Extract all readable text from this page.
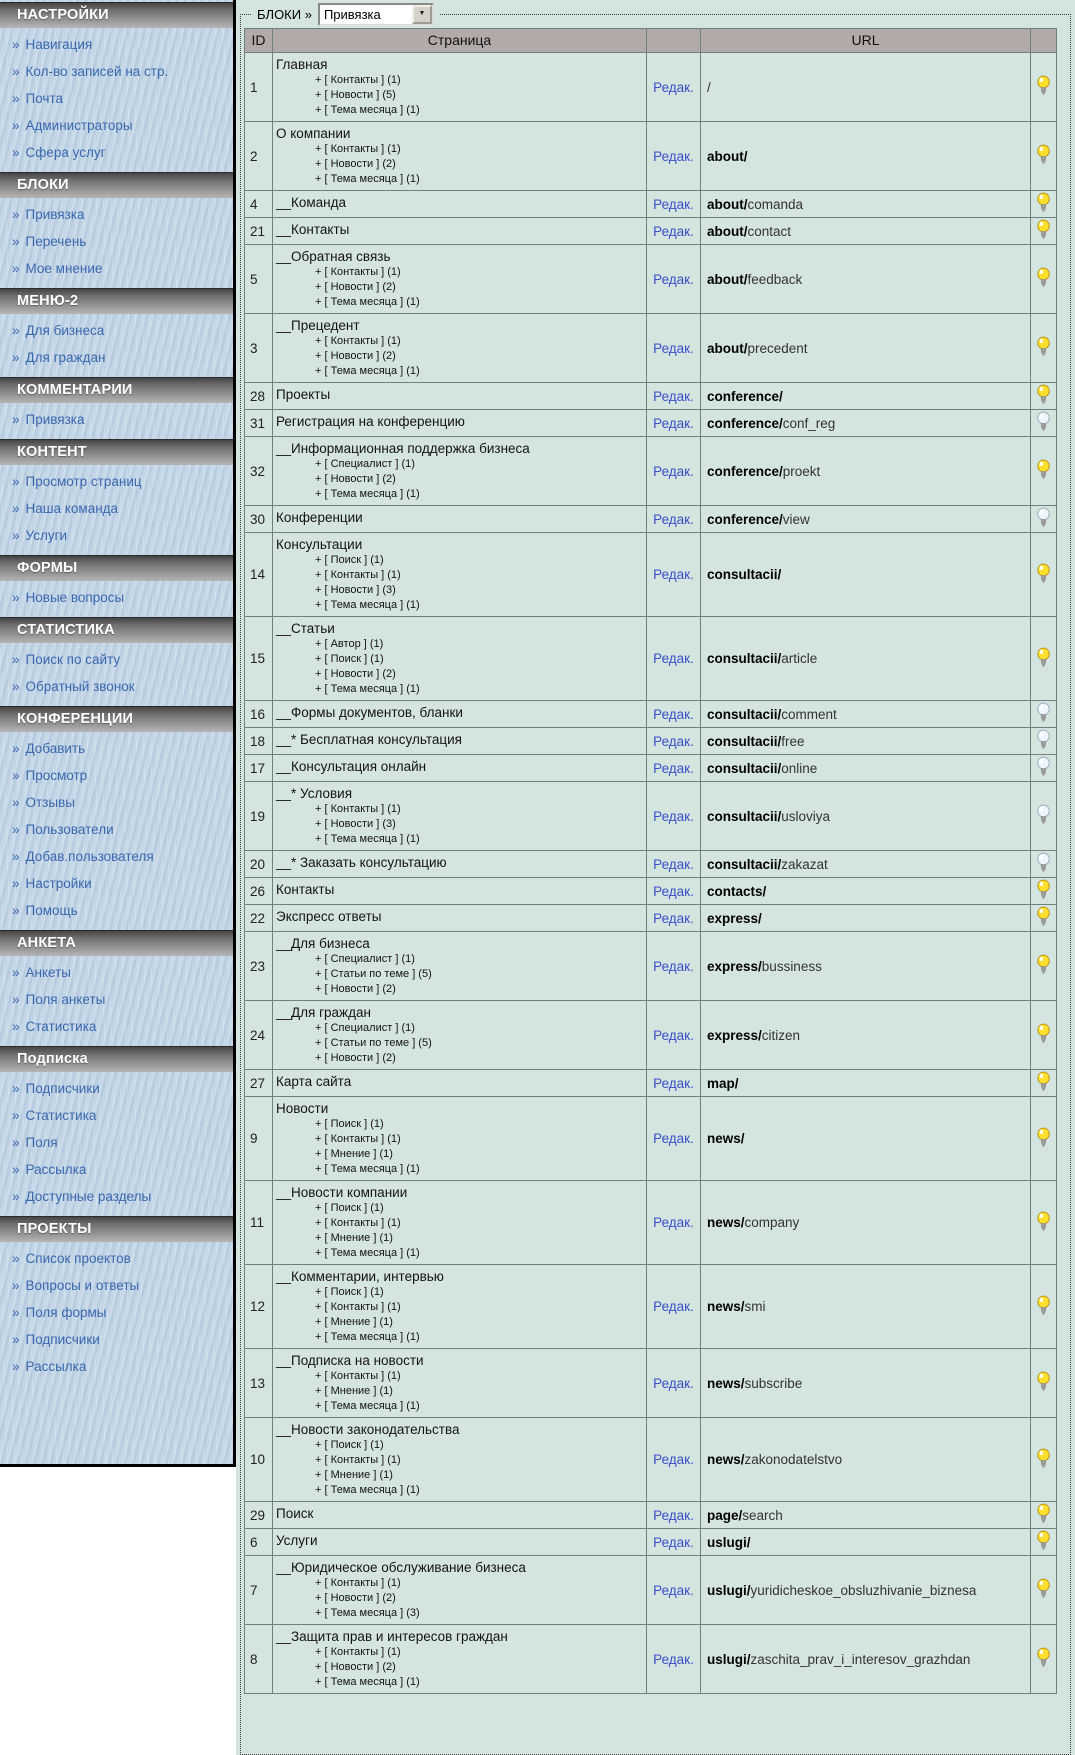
НАСТРОЙКИ
» Навигация
» Кол-во записей на стр.
» Почта
» Администраторы
» Сфера услуг
БЛОКИ
» Привязка
» Перечень
» Мое мнение
МЕНЮ-2
» Для бизнеса
» Для граждан
КОММЕНТАРИИ
» Привязка
КОНТЕНТ
» Просмотр страниц
» Наша команда
» Услуги
ФОРМЫ
» Новые вопросы
СТАТИСТИКА
» Поиск по сайту
» Обратный звонок
КОНФЕРЕНЦИИ
» Добавить
» Просмотр
» Отзывы
» Пользователи
» Добав.пользователя
» Настройки
» Помощь
АНКЕТА
» Анкеты
» Поля анкеты
» Статистика
Подписка
» Подписчики
» Статистика
» Поля
» Рассылка
» Доступные разделы
ПРОЕКТЫ
» Список проектов
» Вопросы и ответы
» Поля формы
» Подписчики
» Рассылка
БЛОКИ » Привязка	▼
ID	Страница		URL	
1	Главная
+ [ Контакты ] (1)
+ [ Новости ] (5)
+ [ Тема месяца ] (1)	Редак.	/	
2	О компании
+ [ Контакты ] (1)
+ [ Новости ] (2)
+ [ Тема месяца ] (1)	Редак.	about/	
4	__Команда	Редак.	about/comanda	
21	__Контакты	Редак.	about/contact	
5	__Обратная связь
+ [ Контакты ] (1)
+ [ Новости ] (2)
+ [ Тема месяца ] (1)	Редак.	about/feedback	
3	__Прецедент
+ [ Контакты ] (1)
+ [ Новости ] (2)
+ [ Тема месяца ] (1)	Редак.	about/precedent	
28	Проекты	Редак.	conference/	
31	Регистрация на конференцию	Редак.	conference/conf_reg	
32	__Информационная поддержка бизнеса
+ [ Специалист ] (1)
+ [ Новости ] (2)
+ [ Тема месяца ] (1)	Редак.	conference/proekt	
30	Конференции	Редак.	conference/view	
14	Консультации
+ [ Поиск ] (1)
+ [ Контакты ] (1)
+ [ Новости ] (3)
+ [ Тема месяца ] (1)	Редак.	consultacii/	
15	__Статьи
+ [ Автор ] (1)
+ [ Поиск ] (1)
+ [ Новости ] (2)
+ [ Тема месяца ] (1)	Редак.	consultacii/article	
16	__Формы документов, бланки	Редак.	consultacii/comment	
18	__* Бесплатная консультация	Редак.	consultacii/free	
17	__Консультация онлайн	Редак.	consultacii/online	
19	__* Условия
+ [ Контакты ] (1)
+ [ Новости ] (3)
+ [ Тема месяца ] (1)	Редак.	consultacii/usloviya	
20	__* Заказать консультацию	Редак.	consultacii/zakazat	
26	Контакты	Редак.	contacts/	
22	Экспресс ответы	Редак.	express/	
23	__Для бизнеса
+ [ Специалист ] (1)
+ [ Статьи по теме ] (5)
+ [ Новости ] (2)	Редак.	express/bussiness	
24	__Для граждан
+ [ Специалист ] (1)
+ [ Статьи по теме ] (5)
+ [ Новости ] (2)	Редак.	express/citizen	
27	Карта сайта	Редак.	map/	
9	Новости
+ [ Поиск ] (1)
+ [ Контакты ] (1)
+ [ Мнение ] (1)
+ [ Тема месяца ] (1)	Редак.	news/	
11	__Новости компании
+ [ Поиск ] (1)
+ [ Контакты ] (1)
+ [ Мнение ] (1)
+ [ Тема месяца ] (1)	Редак.	news/company	
12	__Комментарии, интервью
+ [ Поиск ] (1)
+ [ Контакты ] (1)
+ [ Мнение ] (1)
+ [ Тема месяца ] (1)	Редак.	news/smi	
13	__Подписка на новости
+ [ Контакты ] (1)
+ [ Мнение ] (1)
+ [ Тема месяца ] (1)	Редак.	news/subscribe	
10	__Новости законодательства
+ [ Поиск ] (1)
+ [ Контакты ] (1)
+ [ Мнение ] (1)
+ [ Тема месяца ] (1)	Редак.	news/zakonodatelstvo	
29	Поиск	Редак.	page/search	
6	Услуги	Редак.	uslugi/	
7	__Юридическое обслуживание бизнеса
+ [ Контакты ] (1)
+ [ Новости ] (2)
+ [ Тема месяца ] (3)	Редак.	uslugi/yuridicheskoe_obsluzhivanie_biznesa	
8	__Защита прав и интересов граждан
+ [ Контакты ] (1)
+ [ Новости ] (2)
+ [ Тема месяца ] (1)	Редак.	uslugi/zaschita_prav_i_interesov_grazhdan	
